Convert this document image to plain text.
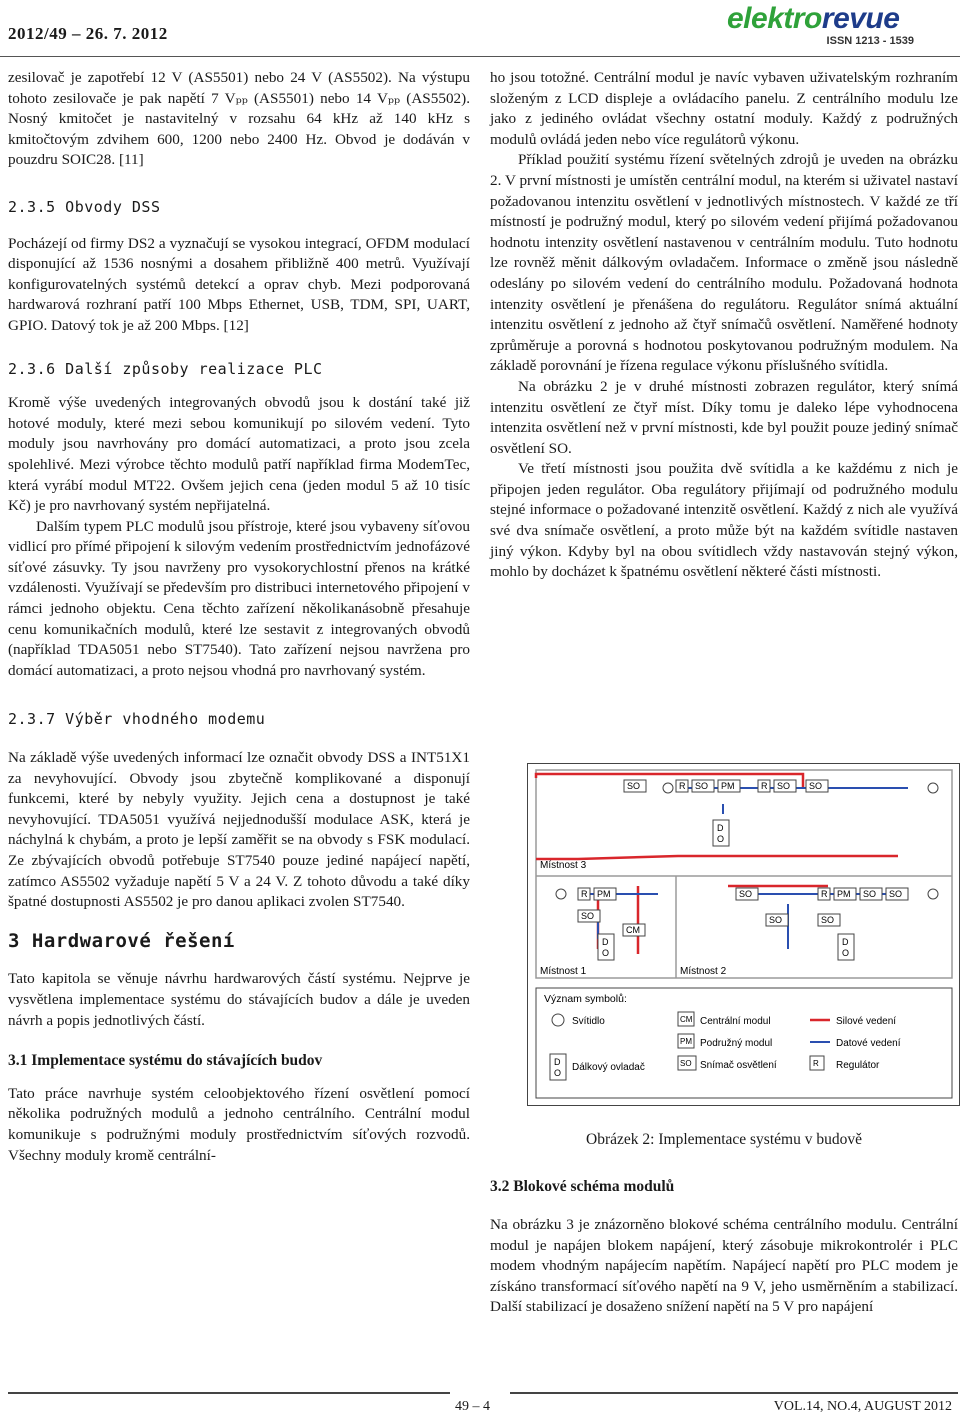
2012/49 – 26. 7. 2012	elektrorevue
ISSN 1213 - 1539

zesilovač je zapotřebí 12 V (AS5501) nebo 24 V (AS5502). Na výstupu tohoto zesilovače je pak napětí 7 Vₚₚ (AS5501) nebo 14 Vₚₚ (AS5502). Nosný kmitočet je nastavitelný v rozsahu 64 kHz až 140 kHz s kmitočtovým zdvihem 600, 1200 nebo 2400 Hz. Obvod je dodáván v pouzdru SOIC28. [11]

2.3.5 Obvody DSS

Pocházejí od firmy DS2 a vyznačují se vysokou integrací, OFDM modulací disponující až 1536 nosnými a dosahem přibližně 400 metrů. Využívají konfigurovatelných systémů detekcí a oprav chyb. Mezi podporovaná hardwarová rozhraní patří 100 Mbps Ethernet, USB, TDM, SPI, UART, GPIO. Datový tok je až 200 Mbps. [12]

2.3.6 Další způsoby realizace PLC

Kromě výše uvedených integrovaných obvodů jsou k dostání také již hotové moduly, které mezi sebou komunikují po silovém vedení. Tyto moduly jsou navrhovány pro domácí automatizaci, a proto jsou zcela spolehlivé. Mezi výrobce těchto modulů patří například firma ModemTec, která vyrábí modul MT22. Ovšem jejich cena (jeden modul 5 až 10 tisíc Kč) je pro navrhovaný systém nepřijatelná.

Dalším typem PLC modulů jsou přístroje, které jsou vybaveny síťovou vidlicí pro přímé připojení k silovým vedením prostřednictvím jednofázové síťové zásuvky. Ty jsou navrženy pro vysokorychlostní přenos na krátké vzdálenosti. Využívají se především pro distribuci internetového připojení v rámci jednoho objektu. Cena těchto zařízení několikanásobně přesahuje cenu komunikačních modulů, které lze sestavit z integrovaných obvodů (například TDA5051 nebo ST7540). Tato zařízení nejsou navržena pro domácí automatizaci, a proto nejsou vhodná pro navrhovaný systém.

2.3.7 Výběr vhodného modemu

Na základě výše uvedených informací lze označit obvody DSS a INT51X1 za nevyhovující. Obvody jsou zbytečně komplikované a disponují funkcemi, které by nebyly využity. Jejich cena a dostupnost je také nevyhovující. TDA5051 využívá nejjednodušší modulace ASK, která je náchylná k chybám, a proto je lepší zaměřit se na obvody s FSK modulací. Ze zbývajících obvodů potřebuje ST7540 pouze jediné napájecí napětí, zatímco AS5502 vyžaduje napětí 5 V a 24 V. Z tohoto důvodu a také díky špatné dostupnosti AS5502 je pro danou aplikaci zvolen ST7540.

3 Hardwarové řešení

Tato kapitola se věnuje návrhu hardwarových částí systému. Nejprve je vysvětlena implementace systému do stávajících budov a dále je uveden návrh a popis jednotlivých částí.

3.1 Implementace systému do stávajících budov

Tato práce navrhuje systém celoobjektového řízení osvětlení pomocí několika podružných modulů a jednoho centrálního. Centrální modul komunikuje s podružnými moduly prostřednictvím síťových rozvodů. Všechny moduly kromě centrální-

ho jsou totožné. Centrální modul je navíc vybaven uživatelským rozhraním složeným z LCD displeje a ovládacího panelu. Z centrálního modulu lze jako z jediného ovládat všechny ostatní moduly. Každý z podružných modulů ovládá jeden nebo více regulátorů výkonu.

Příklad použití systému řízení světelných zdrojů je uveden na obrázku 2. V první místnosti je umístěn centrální modul, na kterém si uživatel nastaví požadovanou intenzitu osvětlení v jednotlivých místnostech. V každé ze tří místností je podružný modul, který po silovém vedení přijímá požadovanou hodnotu intenzity osvětlení nastavenou v centrálním modulu. Tuto hodnotu lze rovněž měnit dálkovým ovladačem. Informace o změně jsou následně odeslány po silovém vedení do centrálního modulu. Požadovaná hodnota intenzity osvětlení je přenášena do regulátoru. Regulátor snímá aktuální intenzitu osvětlení z jednoho až čtyř snímačů osvětlení. Naměřené hodnoty zprůměruje a porovná s hodnotou poskytovanou podružným modulem. Na základě porovnání je řízena regulace výkonu příslušného svítidla.

Na obrázku 2 je v druhé místnosti zobrazen regulátor, který snímá intenzitu osvětlení ze čtyř míst. Díky tomu je daleko lépe vyhodnocena intenzita osvětlení než v první místnosti, kde byl použit pouze jediný snímač osvětlení SO.

Ve třetí místnosti jsou použita dvě svítidla a ke každému z nich je připojen jeden regulátor. Oba regulátory přijímají od podružného modulu stejné informace o požadované intenzitě osvětlení. Každý z nich ale využívá své dva snímače osvětlení, a proto může být na každém svítidle nastaven jiný výkon. Kdyby byl na obou svítidlech vždy nastavován stejný výkon, mohlo by docházet k špatnému osvětlení některé části místnosti.

Místnost 3
Místnost 1	Místnost 2
SO	R SO PM	R SO SO
D
O
R PM
SO
CM
D
O
SO	R PM SO SO
SO	SO
D
O
Význam symbolů:
Svítidlo	CM Centrální modul	Silové vedení
Datové vedení
PM Podružný modul
D
O Dálkový ovladač	SO Snímač osvětlení	R Regulátor
Obrázek 2: Implementace systému v budově
3.2 Blokové schéma modulů
Na obrázku 3 je znázorněno blokové schéma centrálního modulu. Centrální modul je napájen blokem napájení, který zásobuje mikrokontrolér i PLC modem vhodným napájecím napětím. Napájecí napětí pro PLC modem je získáno transformací síťového napětí na 9 V, jeho usměrněním a stabilizací. Další stabilizací je dosaženo snížení napětí na 5 V pro napájení
49 – 4	VOL.14, NO.4, AUGUST 2012
